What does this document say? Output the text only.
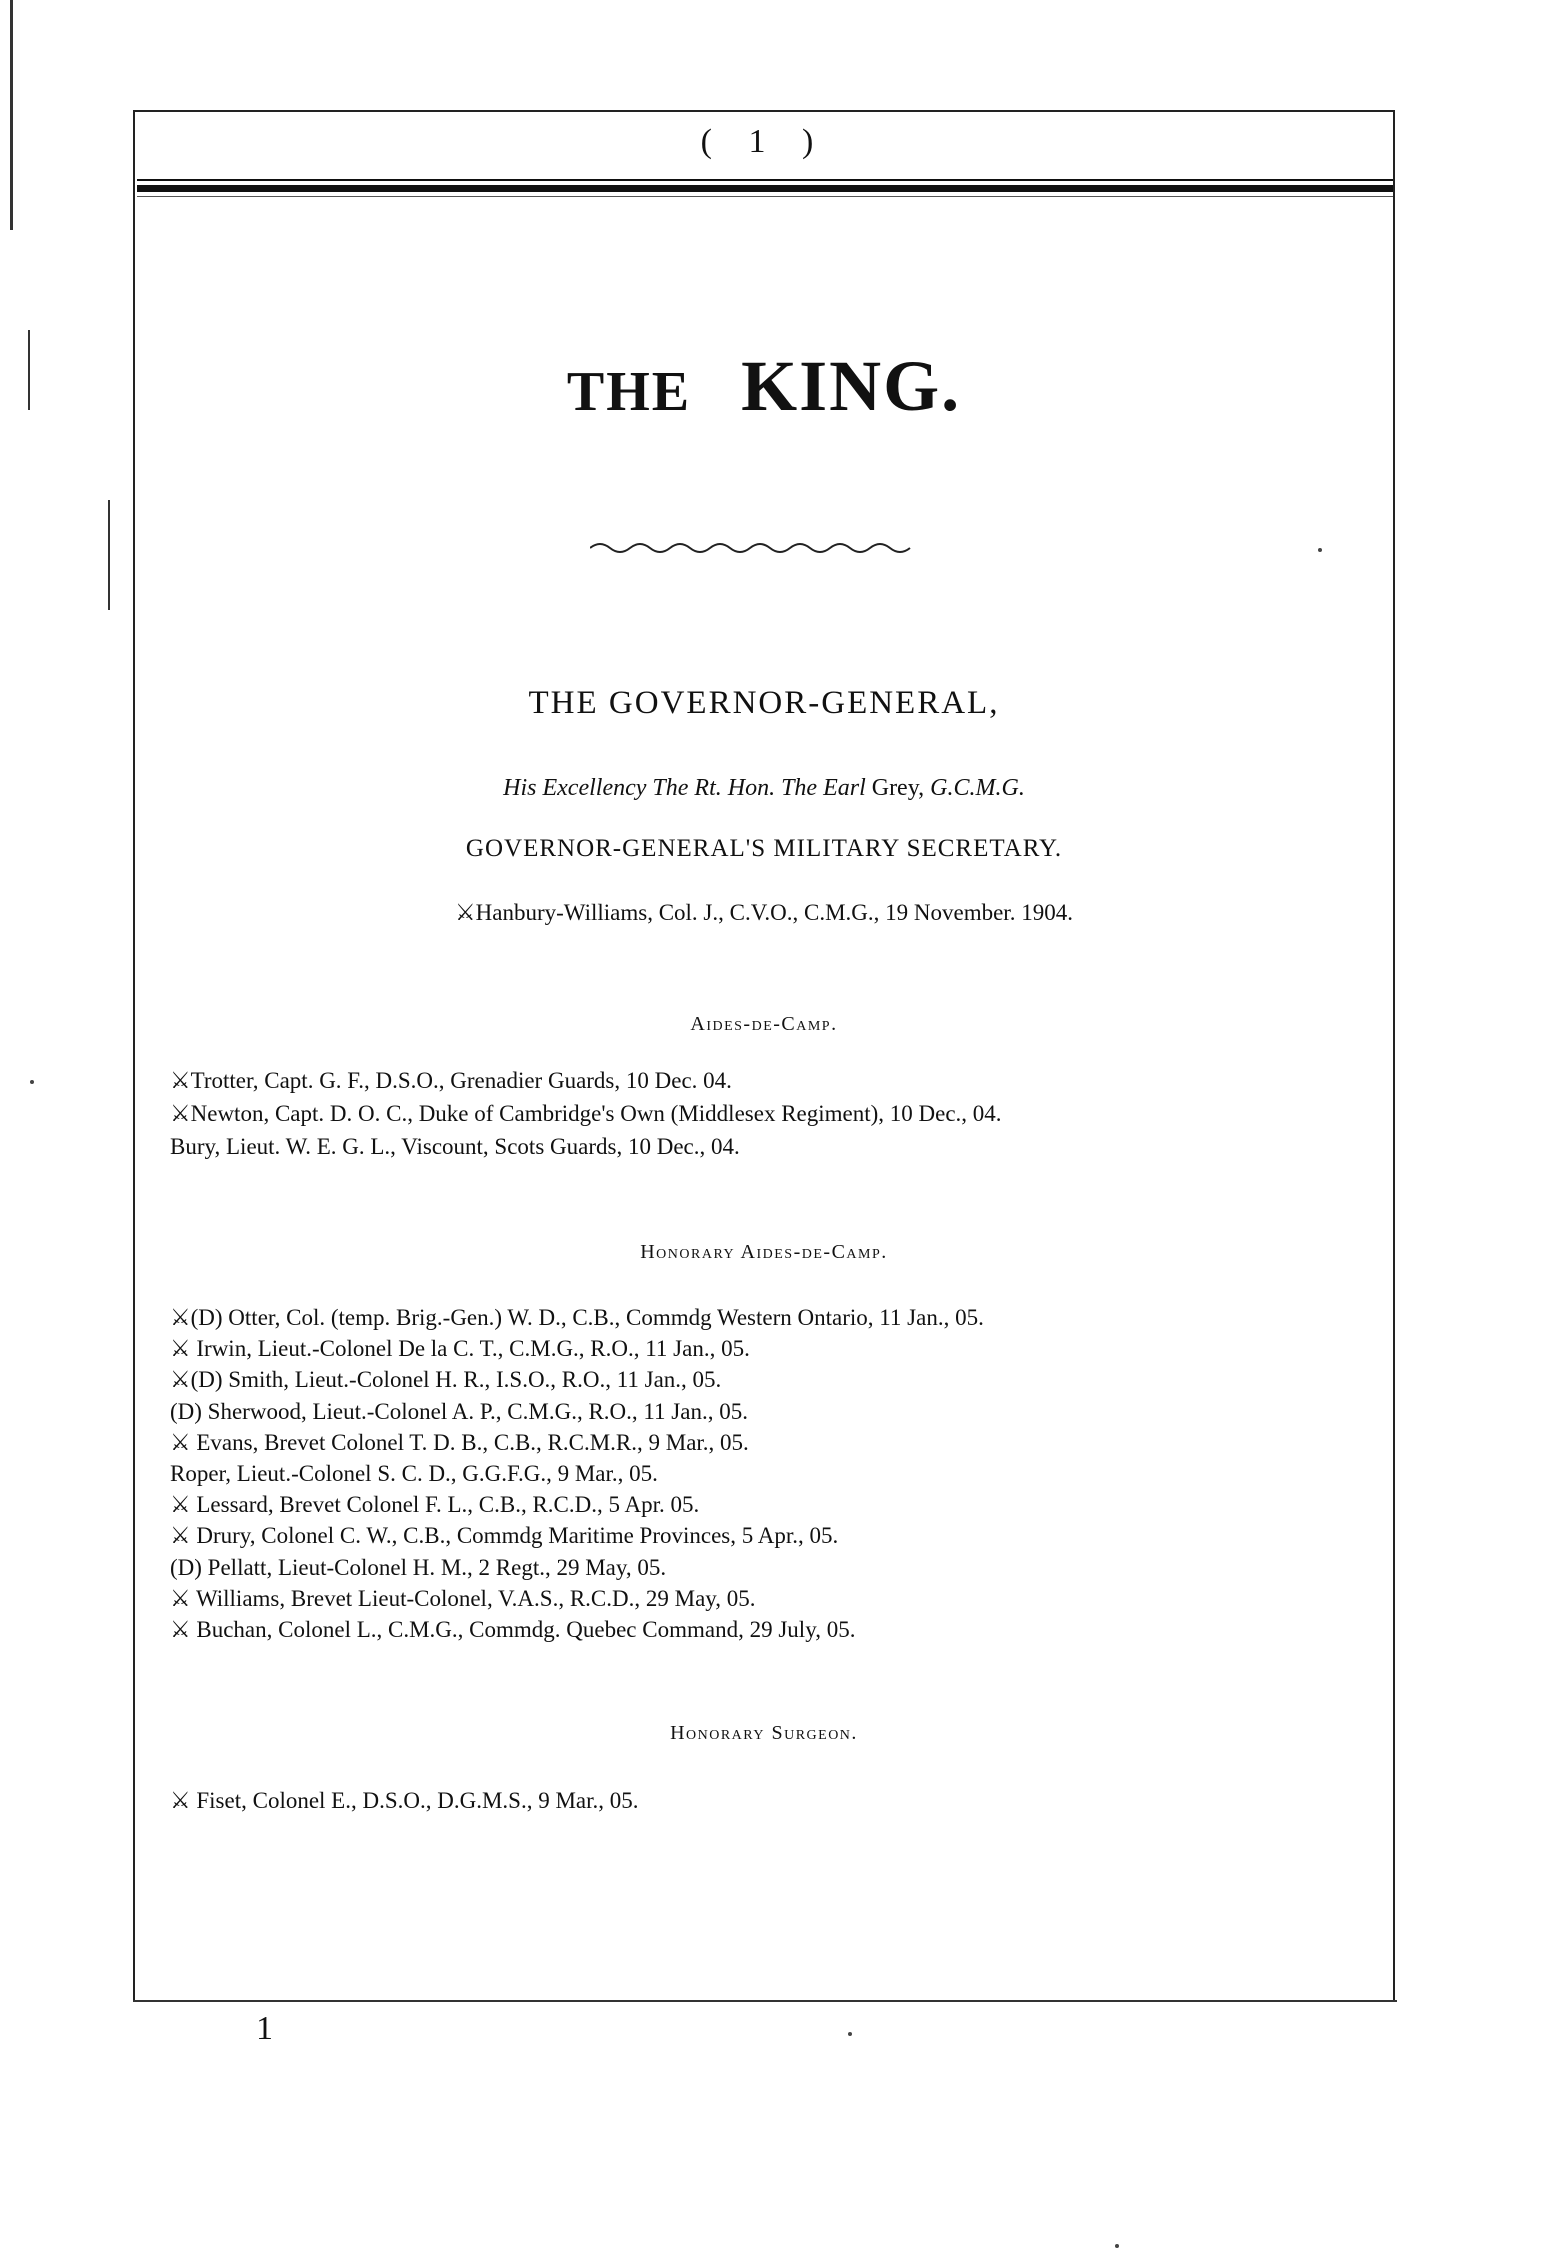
( 1 )
THE KING.
THE GOVERNOR-GENERAL,
His Excellency The Rt. Hon. The Earl Grey, G.C.M.G.
GOVERNOR-GENERAL'S MILITARY SECRETARY.
⚔Hanbury-Williams, Col. J., C.V.O., C.M.G., 19 November. 1904.
Aides-de-Camp.
⚔Trotter, Capt. G. F., D.S.O., Grenadier Guards, 10 Dec. 04.
⚔Newton, Capt. D. O. C., Duke of Cambridge's Own (Middlesex Regiment), 10 Dec., 04.
Bury, Lieut. W. E. G. L., Viscount, Scots Guards, 10 Dec., 04.
Honorary Aides-de-Camp.
⚔(D) Otter, Col. (temp. Brig.-Gen.) W. D., C.B., Commdg Western Ontario, 11 Jan., 05.
⚔ Irwin, Lieut.-Colonel De la C. T., C.M.G., R.O., 11 Jan., 05.
⚔(D) Smith, Lieut.-Colonel H. R., I.S.O., R.O., 11 Jan., 05.
(D) Sherwood, Lieut.-Colonel A. P., C.M.G., R.O., 11 Jan., 05.
⚔ Evans, Brevet Colonel T. D. B., C.B., R.C.M.R., 9 Mar., 05.
Roper, Lieut.-Colonel S. C. D., G.G.F.G., 9 Mar., 05.
⚔ Lessard, Brevet Colonel F. L., C.B., R.C.D., 5 Apr. 05.
⚔ Drury, Colonel C. W., C.B., Commdg Maritime Provinces, 5 Apr., 05.
(D) Pellatt, Lieut-Colonel H. M., 2 Regt., 29 May, 05.
⚔ Williams, Brevet Lieut-Colonel, V.A.S., R.C.D., 29 May, 05.
⚔ Buchan, Colonel L., C.M.G., Commdg. Quebec Command, 29 July, 05.
Honorary Surgeon.
⚔ Fiset, Colonel E., D.S.O., D.G.M.S., 9 Mar., 05.
1
